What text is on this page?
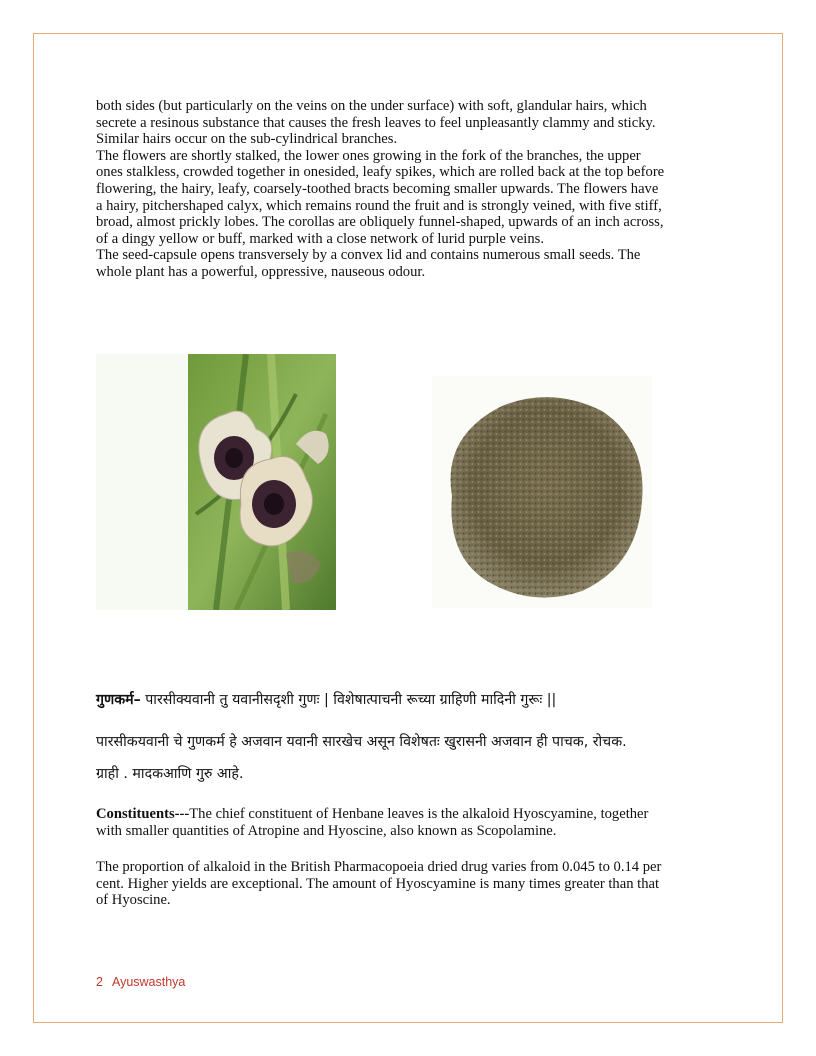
both sides (but particularly on the veins on the under surface) with soft, glandular hairs, which
secrete a resinous substance that causes the fresh leaves to feel unpleasantly clammy and sticky.
Similar hairs occur on the sub-cylindrical branches.
The flowers are shortly stalked, the lower ones growing in the fork of the branches, the upper
ones stalkless, crowded together in onesided, leafy spikes, which are rolled back at the top before
flowering, the hairy, leafy, coarsely-toothed bracts becoming smaller upwards. The flowers have
a hairy, pitchershaped calyx, which remains round the fruit and is strongly veined, with five stiff,
broad, almost prickly lobes. The corollas are obliquely funnel-shaped, upwards of an inch across,
of a dingy yellow or buff, marked with a close network of lurid purple veins.
The seed-capsule opens transversely by a convex lid and contains numerous small seeds. The
whole plant has a powerful, oppressive, nauseous odour.
गुणकर्म– पारसीक्यवानी तु यवानीसदृशी गुणः | विशेषात्पाचनी रूच्या ग्राहिणी मादिनी गुरूः ||
पारसीकयवानी चे गुणकर्म हे अजवान यवानी सारखेच असून विशेषतः खुरासनी अजवान ही पाचक, रोचक.
ग्राही . मादकआणि गुरु आहे.
Constituents---The chief constituent of Henbane leaves is the alkaloid Hyoscyamine, together
with smaller quantities of Atropine and Hyoscine, also known as Scopolamine.
The proportion of alkaloid in the British Pharmacopoeia dried drug varies from 0.045 to 0.14 per
cent. Higher yields are exceptional. The amount of Hyoscyamine is many times greater than that
of Hyoscine.
2 Ayuswasthya
